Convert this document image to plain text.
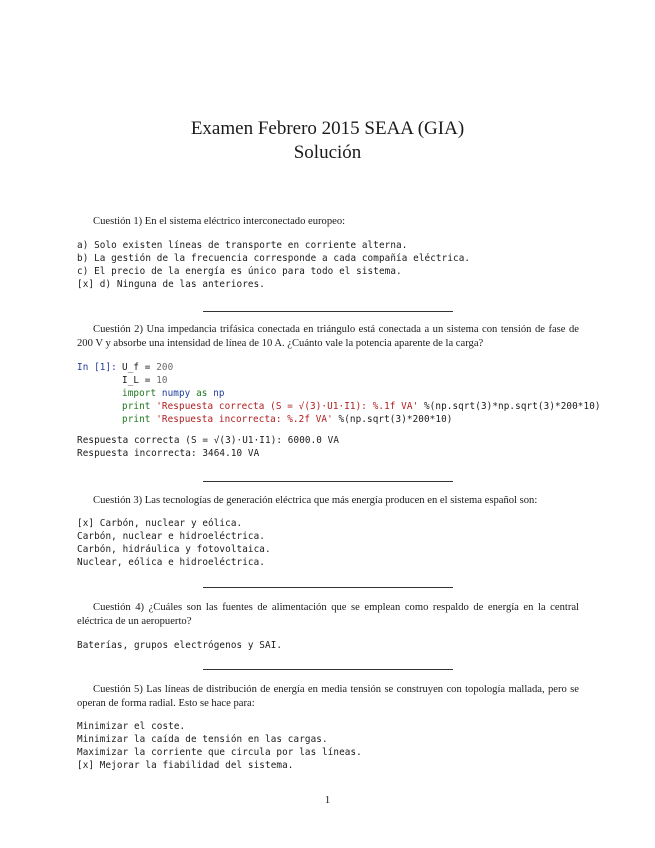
Examen Febrero 2015 SEAA (GIA)
Solución
Cuestión 1) En el sistema eléctrico interconectado europeo:
a) Solo existen líneas de transporte en corriente alterna.
b) La gestión de la frecuencia corresponde a cada compañía eléctrica.
c) El precio de la energía es único para todo el sistema.
[x] d) Ninguna de las anteriores.
Cuestión 2) Una impedancia trifásica conectada en triángulo está conectada a un sistema con tensión de fase de 200 V y absorbe una intensidad de línea de 10 A. ¿Cuánto vale la potencia aparente de la carga?
In [1]: U_f = 200
I_L = 10
import numpy as np
print 'Respuesta correcta (S = √(3)·U1·I1): %.1f VA' %(np.sqrt(3)*np.sqrt(3)*200*10)
print 'Respuesta incorrecta: %.2f VA' %(np.sqrt(3)*200*10)
Respuesta correcta (S = √(3)·U1·I1): 6000.0 VA
Respuesta incorrecta: 3464.10 VA
Cuestión 3) Las tecnologías de generación eléctrica que más energía producen en el sistema español son:
[x] Carbón, nuclear y eólica.
Carbón, nuclear e hidroeléctrica.
Carbón, hidráulica y fotovoltaica.
Nuclear, eólica e hidroeléctrica.
Cuestión 4) ¿Cuáles son las fuentes de alimentación que se emplean como respaldo de energía en la central eléctrica de un aeropuerto?
Baterías, grupos electrógenos y SAI.
Cuestión 5) Las líneas de distribución de energía en media tensión se construyen con topología mallada, pero se operan de forma radial. Esto se hace para:
Minimizar el coste.
Minimizar la caída de tensión en las cargas.
Maximizar la corriente que circula por las líneas.
[x] Mejorar la fiabilidad del sistema.
1
